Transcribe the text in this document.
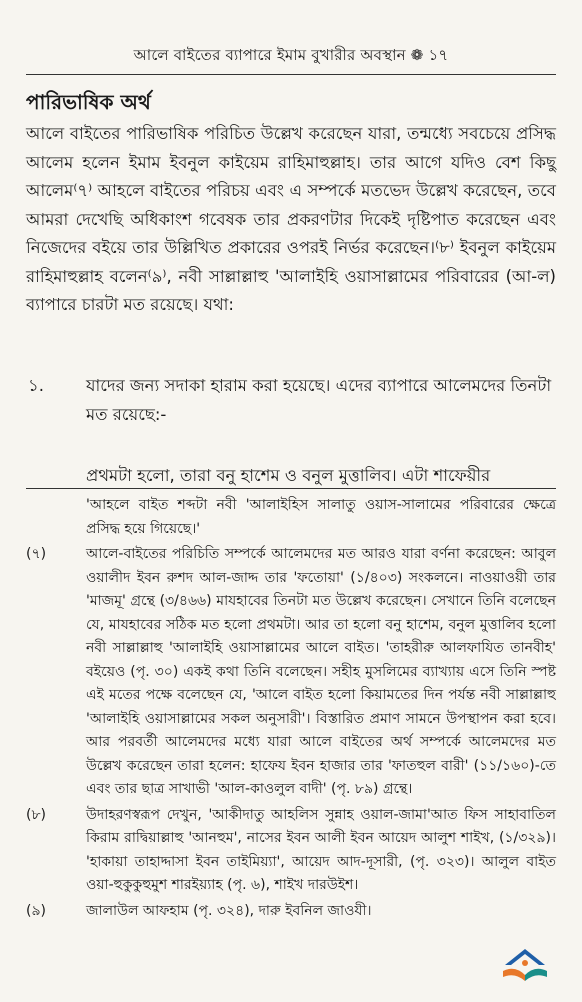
আলে বাইতের ব্যাপারে ইমাম বুখারীর অবস্থান ❁ ১৭
পারিভাষিক অর্থ
আলে বাইতের পারিভাষিক পরিচিত উল্লেখ করেছেন যারা, তন্মধ্যে সবচেয়ে প্রসিদ্ধ আলেম হলেন ইমাম ইবনুল কাইয়েম রাহিমাহুল্লাহ। তার আগে যদিও বেশ কিছু আলেম⁽৭⁾ আহলে বাইতের পরিচয় এবং এ সম্পর্কে মতভেদ উল্লেখ করেছেন, তবে আমরা দেখেছি অধিকাংশ গবেষক তার প্রকরণটার দিকেই দৃষ্টিপাত করেছেন এবং নিজেদের বইয়ে তার উল্লিখিত প্রকারের ওপরই নির্ভর করেছেন।⁽৮⁾ ইবনুল কাইয়েম রাহিমাহুল্লাহ বলেন⁽৯⁾, নবী সাল্লাল্লাহু 'আলাইহি ওয়াসাল্লামের পরিবারের (আ-ল) ব্যাপারে চারটা মত রয়েছে। যথা:
১.	যাদের জন্য সদাকা হারাম করা হয়েছে। এদের ব্যাপারে আলেমদের তিনটা মত রয়েছে:-
প্রথমটা হলো, তারা বনু হাশেম ও বনুল মুত্তালিব। এটা শাফেয়ীর
'আহলে বাইত শব্দটা নবী 'আলাইহিস সালাতু ওয়াস-সালামের পরিবারের ক্ষেত্রে প্রসিদ্ধ হয়ে গিয়েছে।'
(৭)	আলে-বাইতের পরিচিতি সম্পর্কে আলেমদের মত আরও যারা বর্ণনা করেছেন: আবুল ওয়ালীদ ইবন রুশদ আল-জাদ্দ তার 'ফতোয়া' (১/৪০৩) সংকলনে। নাওয়াওয়ী তার 'মাজমূ' গ্রন্থে (৩/৪৬৬) মাযহাবের তিনটা মত উল্লেখ করেছেন। সেখানে তিনি বলেছেন যে, মাযহাবের সঠিক মত হলো প্রথমটা। আর তা হলো বনু হাশেম, বনুল মুত্তালিব হলো নবী সাল্লাল্লাহু 'আলাইহি ওয়াসাল্লামের আলে বাইত। 'তাহরীরু আলফাযিত তানবীহ' বইয়েও (পৃ. ৩০) একই কথা তিনি বলেছেন। সহীহ মুসলিমের ব্যাখ্যায় এসে তিনি স্পষ্ট এই মতের পক্ষে বলেছেন যে, 'আলে বাইত হলো কিয়ামতের দিন পর্যন্ত নবী সাল্লাল্লাহু 'আলাইহি ওয়াসাল্লামের সকল অনুসারী'। বিস্তারিত প্রমাণ সামনে উপস্থাপন করা হবে। আর পরবর্তী আলেমদের মধ্যে যারা আলে বাইতের অর্থ সম্পর্কে আলেমদের মত উল্লেখ করেছেন তারা হলেন: হাফেয ইবন হাজার তার 'ফাতহুল বারী' (১১/১৬০)-তে এবং তার ছাত্র সাখাভী 'আল-কাওলুল বাদী' (পৃ. ৮৯) গ্রন্থে।
(৮)	উদাহরণস্বরূপ দেখুন, 'আকীদাতু আহলিস সুন্নাহ ওয়াল-জামা'আত ফিস সাহাবাতিল কিরাম রাদ্বিয়াল্লাহু 'আনহুম', নাসের ইবন আলী ইবন আয়েদ আলুশ শাইখ, (১/৩২৯)। 'হাকায়া তাহাদ্দাসা ইবন তাইমিয়্যা', আয়েদ আদ-দূসারী, (পৃ. ৩২৩)। আলুল বাইত ওয়া-হুকুকুহুমুশ শারইয়্যাহ (পৃ. ৬), শাইখ দারউইশ।
(৯)	জালাউল আফহাম (পৃ. ৩২৪), দারু ইবনিল জাওযী।
